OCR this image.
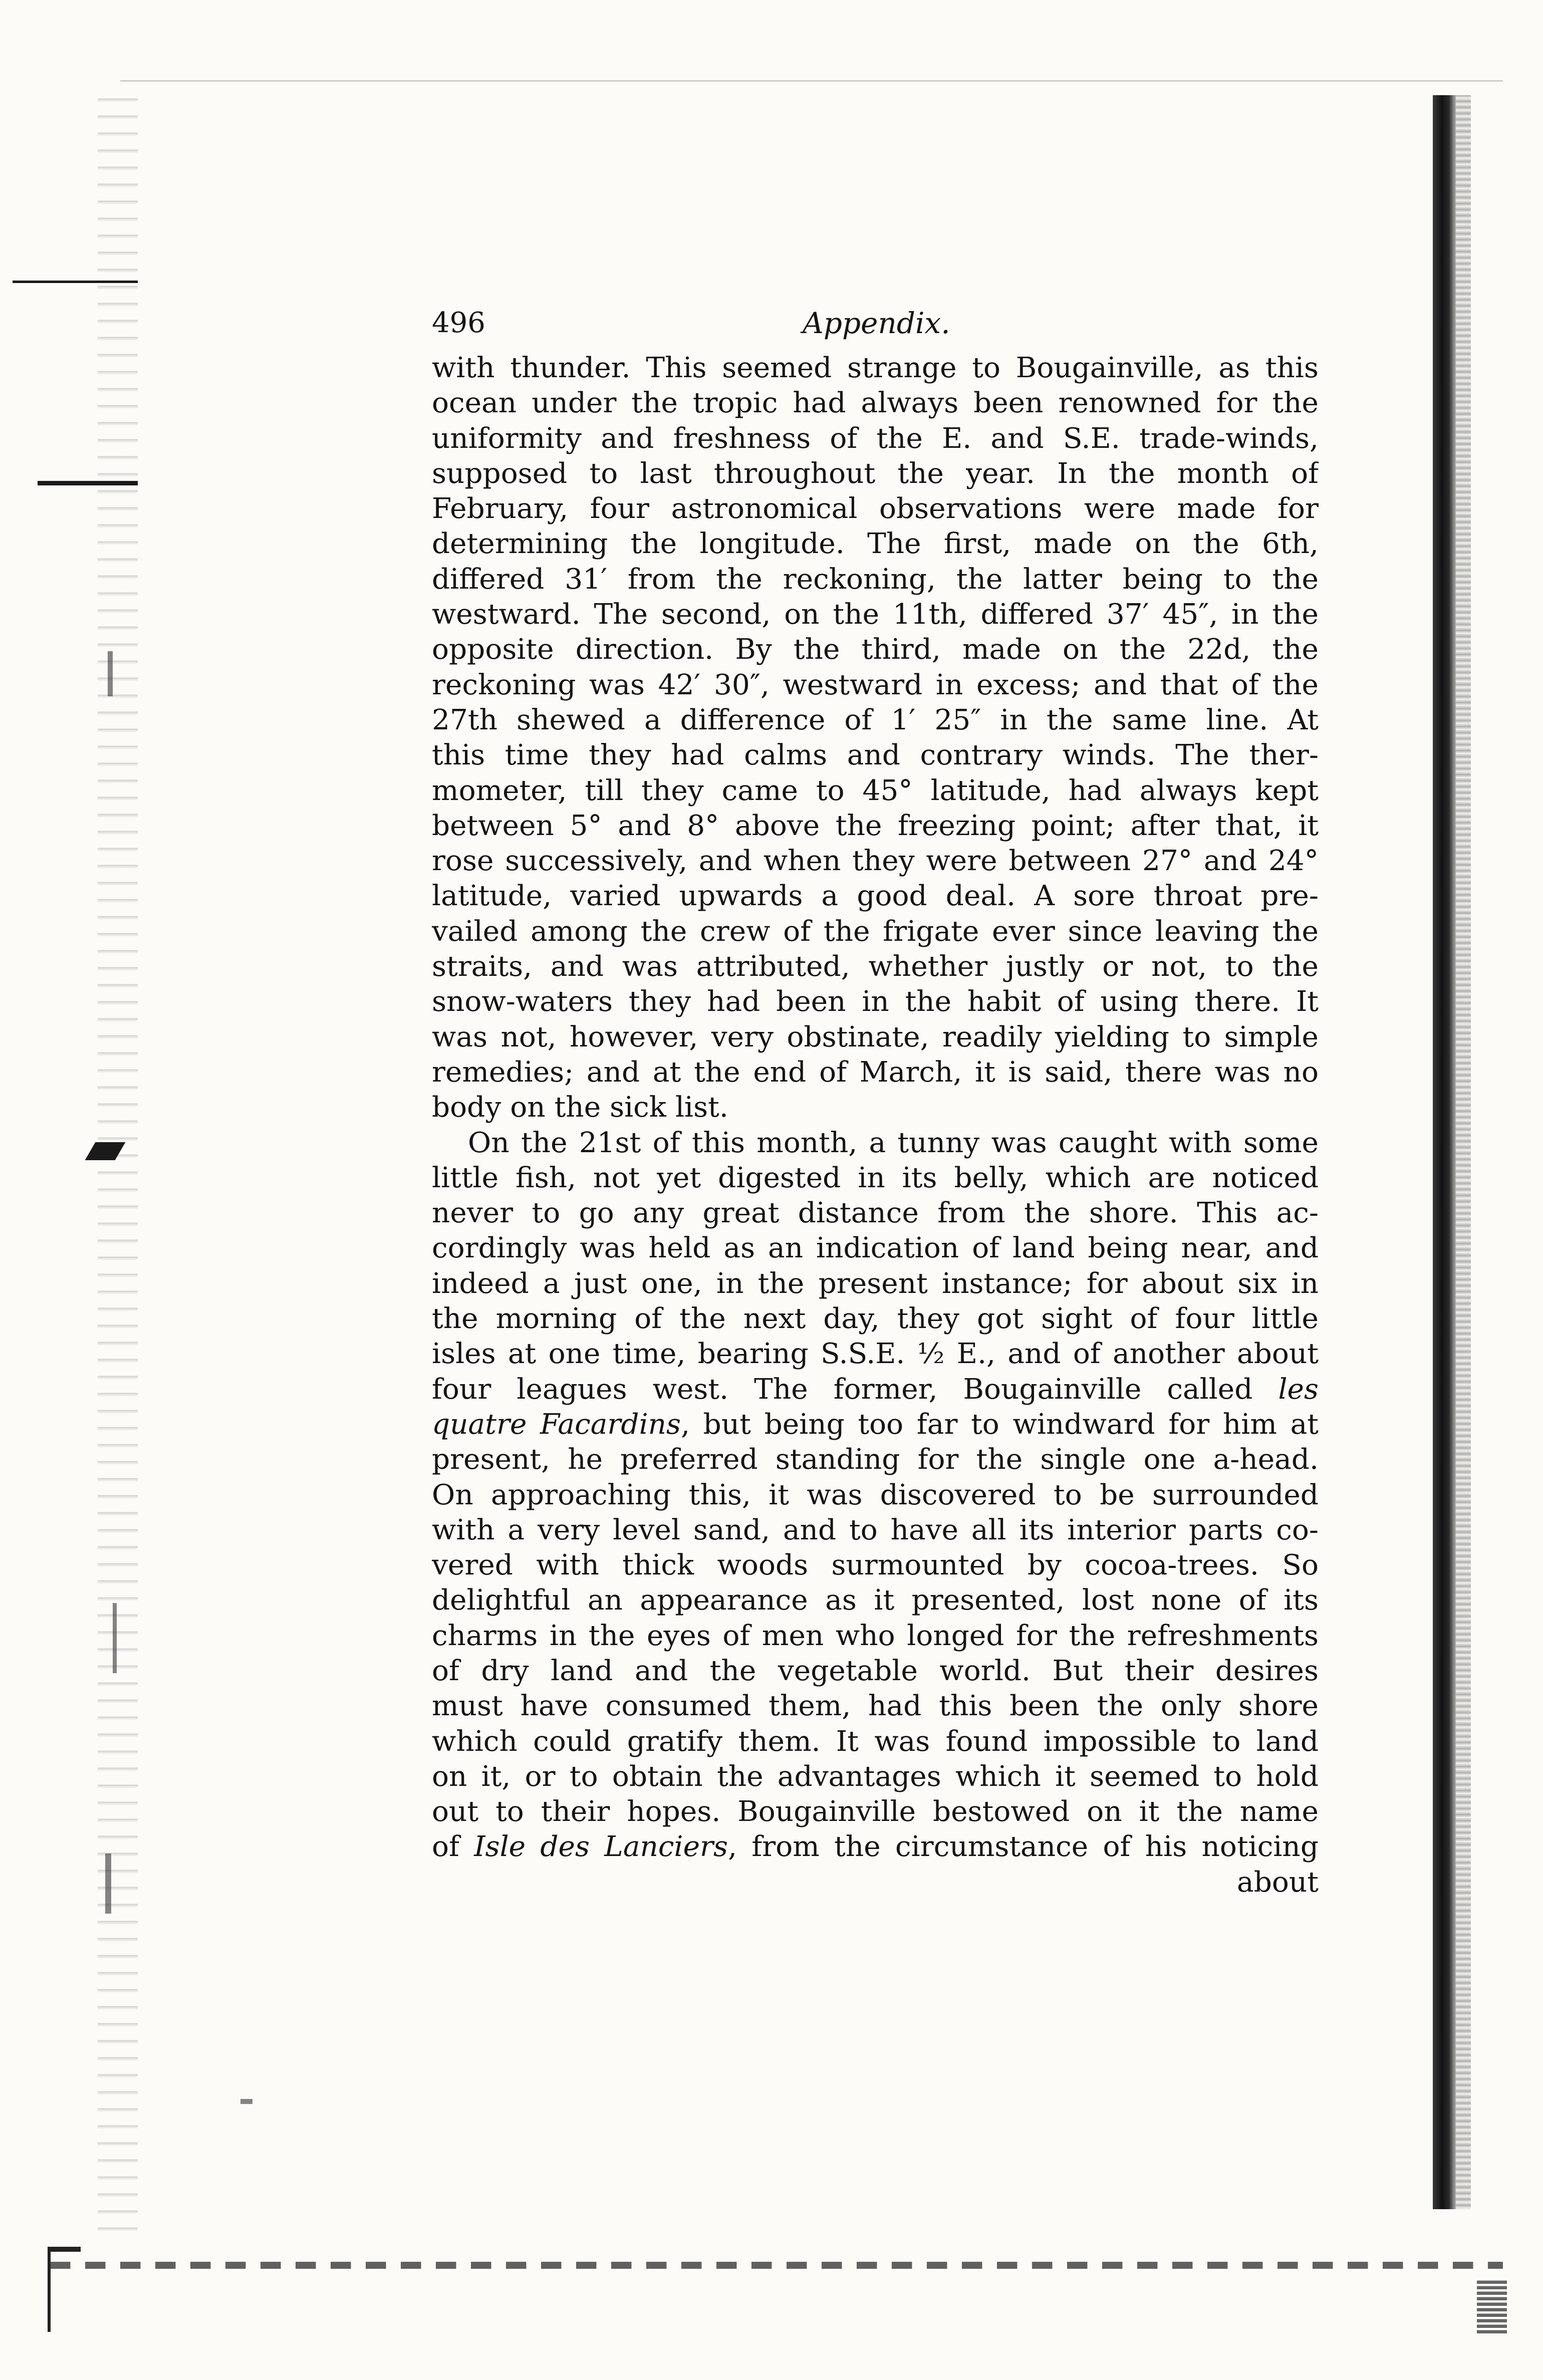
496	Appendix.
with thunder. This seemed strange to Bougainville, as this
ocean under the tropic had always been renowned for the
uniformity and freshness of the E. and S.E. trade-winds,
supposed to last throughout the year. In the month of
February, four astronomical observations were made for
determining the longitude. The first, made on the 6th,
differed 31′ from the reckoning, the latter being to the
westward. The second, on the 11th, differed 37′ 45″, in the
opposite direction. By the third, made on the 22d, the
reckoning was 42′ 30″, westward in excess; and that of the
27th shewed a difference of 1′ 25″ in the same line. At
this time they had calms and contrary winds. The ther-
mometer, till they came to 45° latitude, had always kept
between 5° and 8° above the freezing point; after that, it
rose successively, and when they were between 27° and 24°
latitude, varied upwards a good deal. A sore throat pre-
vailed among the crew of the frigate ever since leaving the
straits, and was attributed, whether justly or not, to the
snow-waters they had been in the habit of using there. It
was not, however, very obstinate, readily yielding to simple
remedies; and at the end of March, it is said, there was no
body on the sick list.
On the 21st of this month, a tunny was caught with some
little fish, not yet digested in its belly, which are noticed
never to go any great distance from the shore. This ac-
cordingly was held as an indication of land being near, and
indeed a just one, in the present instance; for about six in
the morning of the next day, they got sight of four little
isles at one time, bearing S.S.E. ½ E., and of another about
four leagues west. The former, Bougainville called les
quatre Facardins, but being too far to windward for him at
present, he preferred standing for the single one a-head.
On approaching this, it was discovered to be surrounded
with a very level sand, and to have all its interior parts co-
vered with thick woods surmounted by cocoa-trees. So
delightful an appearance as it presented, lost none of its
charms in the eyes of men who longed for the refreshments
of dry land and the vegetable world. But their desires
must have consumed them, had this been the only shore
which could gratify them. It was found impossible to land
on it, or to obtain the advantages which it seemed to hold
out to their hopes. Bougainville bestowed on it the name
of Isle des Lanciers, from the circumstance of his noticing
about
